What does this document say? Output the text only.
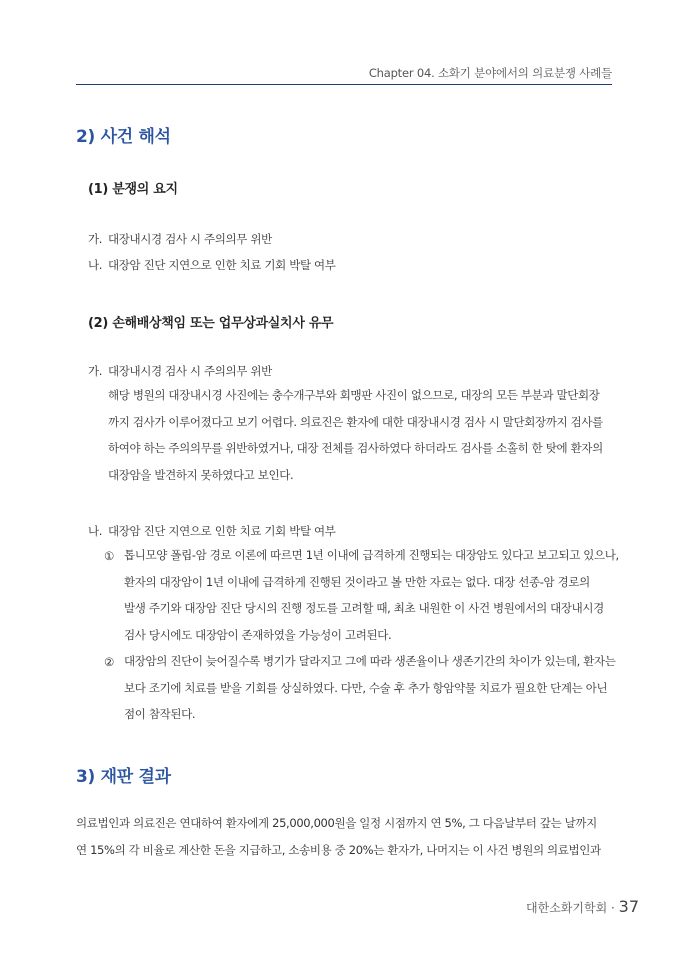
Chapter 04. 소화기 분야에서의 의료분쟁 사례들
2) 사건 해석
(1) 분쟁의 요지
가. 대장내시경 검사 시 주의의무 위반
나. 대장암 진단 지연으로 인한 치료 기회 박탈 여부
(2) 손해배상책임 또는 업무상과실치사 유무
가. 대장내시경 검사 시 주의의무 위반
해당 병원의 대장내시경 사진에는 충수개구부와 회맹판 사진이 없으므로, 대장의 모든 부분과 말단회장
까지 검사가 이루어졌다고 보기 어렵다. 의료진은 환자에 대한 대장내시경 검사 시 말단회장까지 검사를
하여야 하는 주의의무를 위반하였거나, 대장 전체를 검사하였다 하더라도 검사를 소홀히 한 탓에 환자의
대장암을 발견하지 못하였다고 보인다.
나. 대장암 진단 지연으로 인한 치료 기회 박탈 여부
① 톱니모양 폴립-암 경로 이론에 따르면 1년 이내에 급격하게 진행되는 대장암도 있다고 보고되고 있으나,
환자의 대장암이 1년 이내에 급격하게 진행된 것이라고 볼 만한 자료는 없다. 대장 선종-암 경로의
발생 주기와 대장암 진단 당시의 진행 정도를 고려할 때, 최초 내원한 이 사건 병원에서의 대장내시경
검사 당시에도 대장암이 존재하였을 가능성이 고려된다.
② 대장암의 진단이 늦어질수록 병기가 달라지고 그에 따라 생존율이나 생존기간의 차이가 있는데, 환자는
보다 조기에 치료를 받을 기회를 상실하였다. 다만, 수술 후 추가 항암약물 치료가 필요한 단계는 아닌
점이 참작된다.
3) 재판 결과
의료법인과 의료진은 연대하여 환자에게 25,000,000원을 일정 시점까지 연 5%, 그 다음날부터 갚는 날까지
연 15%의 각 비율로 계산한 돈을 지급하고, 소송비용 중 20%는 환자가, 나머지는 이 사건 병원의 의료법인과
대한소화기학회 · 37
